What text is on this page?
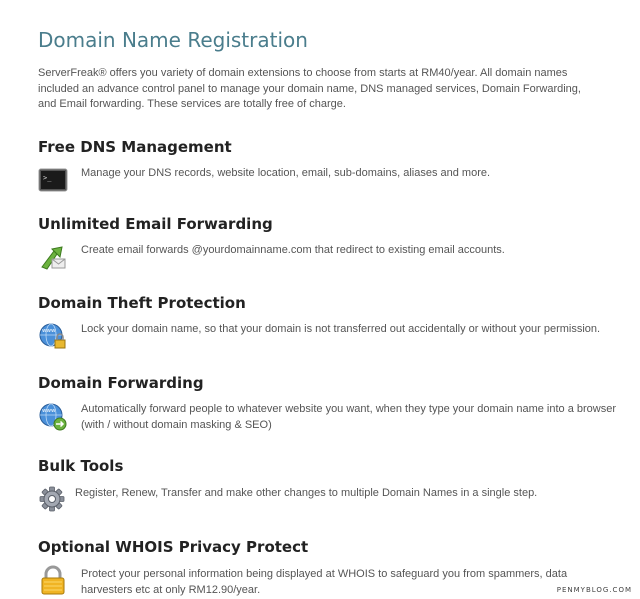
Domain Name Registration

ServerFreak® offers you variety of domain extensions to choose from starts at RM40/year. All domain names included an advance control panel to manage your domain name, DNS managed services, Domain Forwarding, and Email forwarding. These services are totally free of charge.

Free DNS Management
>_	Manage your DNS records, website location, email, sub-domains, aliases and more.

Unlimited Email Forwarding

Create email forwards @yourdomainname.com that redirect to existing email accounts.

Domain Theft Protection
www Lock your domain name, so that your domain is not transferred out accidentally or without your permission.

Domain Forwarding
www Automatically forward people to whatever website you want, when they type your domain name into a browser (with / without domain masking & SEO)

Bulk Tools

Register, Renew, Transfer and make other changes to multiple Domain Names in a single step.

Optional WHOIS Privacy Protect

Protect your personal information being displayed at WHOIS to safeguard you from spammers, data harvesters etc at only RM12.90/year.	PENMYBLOG.COM
